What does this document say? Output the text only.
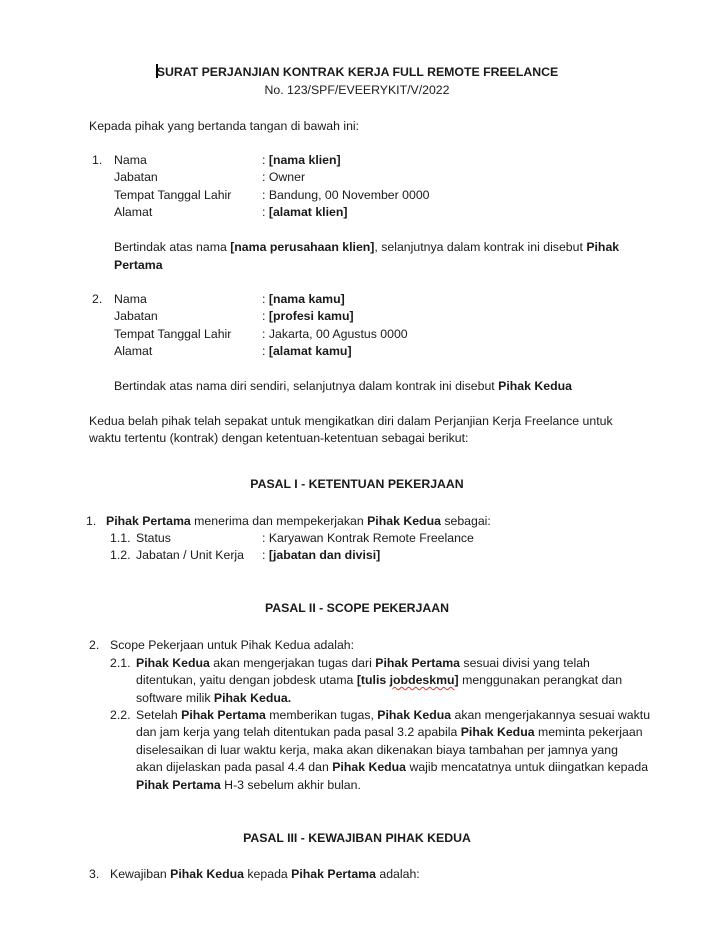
SURAT PERJANJIAN KONTRAK KERJA FULL REMOTE FREELANCE
No. 123/SPF/EVEERYKIT/V/2022
Kepada pihak yang bertanda tangan di bawah ini:
1. Nama	: [nama klien]
Jabatan	: Owner
Tempat Tanggal Lahir : Bandung, 00 November 0000
Alamat	: [alamat klien]
Bertindak atas nama [nama perusahaan klien], selanjutnya dalam kontrak ini disebut Pihak
Pertama
2. Nama	: [nama kamu]
Jabatan	: [profesi kamu]
Tempat Tanggal Lahir : Jakarta, 00 Agustus 0000
Alamat	: [alamat kamu]
Bertindak atas nama diri sendiri, selanjutnya dalam kontrak ini disebut Pihak Kedua
Kedua belah pihak telah sepakat untuk mengikatkan diri dalam Perjanjian Kerja Freelance untuk
waktu tertentu (kontrak) dengan ketentuan-ketentuan sebagai berikut:
PASAL I - KETENTUAN PEKERJAAN
1. Pihak Pertama menerima dan mempekerjakan Pihak Kedua sebagai:
1.1. Status	: Karyawan Kontrak Remote Freelance
1.2. Jabatan / Unit Kerja : [jabatan dan divisi]
PASAL II - SCOPE PEKERJAAN
2. Scope Pekerjaan untuk Pihak Kedua adalah:
2.1. Pihak Kedua akan mengerjakan tugas dari Pihak Pertama sesuai divisi yang telah
ditentukan, yaitu dengan jobdesk utama [tulis jobdeskmu] menggunakan perangkat dan
software milik Pihak Kedua.
2.2. Setelah Pihak Pertama memberikan tugas, Pihak Kedua akan mengerjakannya sesuai waktu
dan jam kerja yang telah ditentukan pada pasal 3.2 apabila Pihak Kedua meminta pekerjaan
diselesaikan di luar waktu kerja, maka akan dikenakan biaya tambahan per jamnya yang
akan dijelaskan pada pasal 4.4 dan Pihak Kedua wajib mencatatnya untuk diingatkan kepada
Pihak Pertama H-3 sebelum akhir bulan.
PASAL III - KEWAJIBAN PIHAK KEDUA
3. Kewajiban Pihak Kedua kepada Pihak Pertama adalah:
